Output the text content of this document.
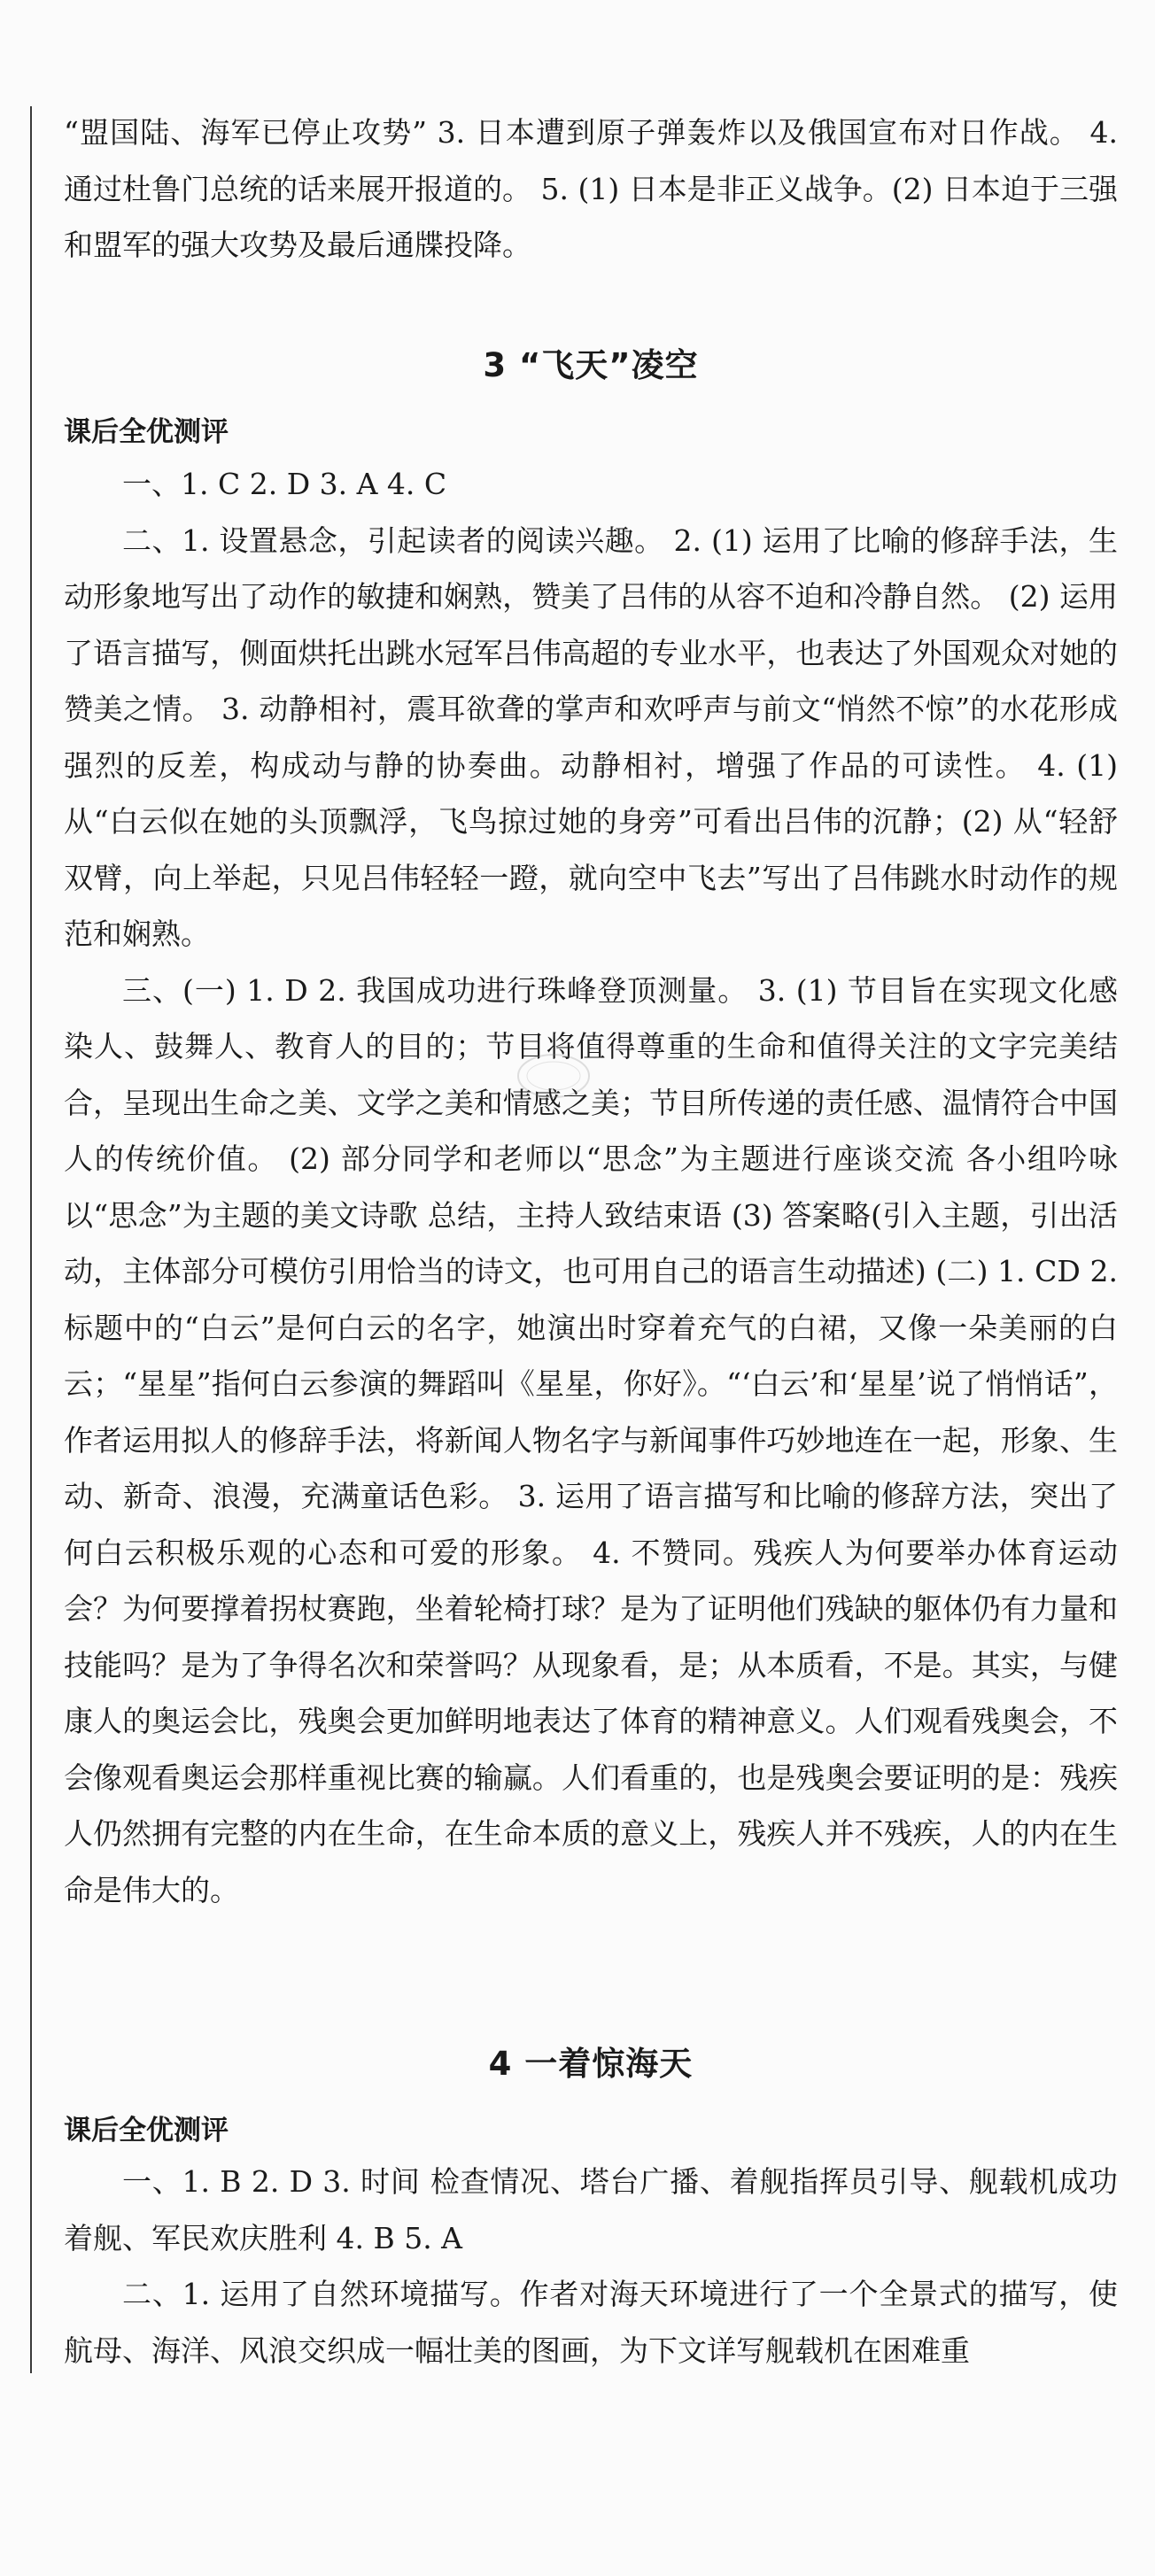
“盟国陆、海军已停止攻势” 3. 日本遭到原子弹轰炸以及俄国宣布对日作战。 4. 通过杜鲁门总统的话来展开报道的。 5. (1) 日本是非正义战争。(2) 日本迫于三强和盟军的强大攻势及最后通牒投降。

3 “飞天”凌空
课后全优测评

一、1. C 2. D 3. A 4. C

二、1. 设置悬念，引起读者的阅读兴趣。 2. (1) 运用了比喻的修辞手法，生动形象地写出了动作的敏捷和娴熟，赞美了吕伟的从容不迫和冷静自然。 (2) 运用了语言描写，侧面烘托出跳水冠军吕伟高超的专业水平，也表达了外国观众对她的赞美之情。 3. 动静相衬，震耳欲聋的掌声和欢呼声与前文“悄然不惊”的水花形成强烈的反差，构成动与静的协奏曲。动静相衬，增强了作品的可读性。 4. (1) 从“白云似在她的头顶飘浮，飞鸟掠过她的身旁”可看出吕伟的沉静；(2) 从“轻舒双臂，向上举起，只见吕伟轻轻一蹬，就向空中飞去”写出了吕伟跳水时动作的规范和娴熟。

三、(一) 1. D 2. 我国成功进行珠峰登顶测量。 3. (1) 节目旨在实现文化感染人、鼓舞人、教育人的目的；节目将值得尊重的生命和值得关注的文字完美结合，呈现出生命之美、文学之美和情感之美；节目所传递的责任感、温情符合中国人的传统价值。 (2) 部分同学和老师以“思念”为主题进行座谈交流 各小组吟咏以“思念”为主题的美文诗歌 总结，主持人致结束语 (3) 答案略(引入主题，引出活动，主体部分可模仿引用恰当的诗文，也可用自己的语言生动描述) (二) 1. CD 2. 标题中的“白云”是何白云的名字，她演出时穿着充气的白裙，又像一朵美丽的白云；“星星”指何白云参演的舞蹈叫《星星，你好》。“‘白云’和‘星星’说了悄悄话”，作者运用拟人的修辞手法，将新闻人物名字与新闻事件巧妙地连在一起，形象、生动、新奇、浪漫，充满童话色彩。 3. 运用了语言描写和比喻的修辞方法，突出了何白云积极乐观的心态和可爱的形象。 4. 不赞同。残疾人为何要举办体育运动会？为何要撑着拐杖赛跑，坐着轮椅打球？是为了证明他们残缺的躯体仍有力量和技能吗？是为了争得名次和荣誉吗？从现象看，是；从本质看，不是。其实，与健康人的奥运会比，残奥会更加鲜明地表达了体育的精神意义。人们观看残奥会，不会像观看奥运会那样重视比赛的输赢。人们看重的，也是残奥会要证明的是：残疾人仍然拥有完整的内在生命，在生命本质的意义上，残疾人并不残疾，人的内在生命是伟大的。

4 一着惊海天
课后全优测评

一、1. B 2. D 3. 时间 检查情况、塔台广播、着舰指挥员引导、舰载机成功着舰、军民欢庆胜利 4. B 5. A

二、1. 运用了自然环境描写。作者对海天环境进行了一个全景式的描写，使航母、海洋、风浪交织成一幅壮美的图画，为下文详写舰载机在困难重
